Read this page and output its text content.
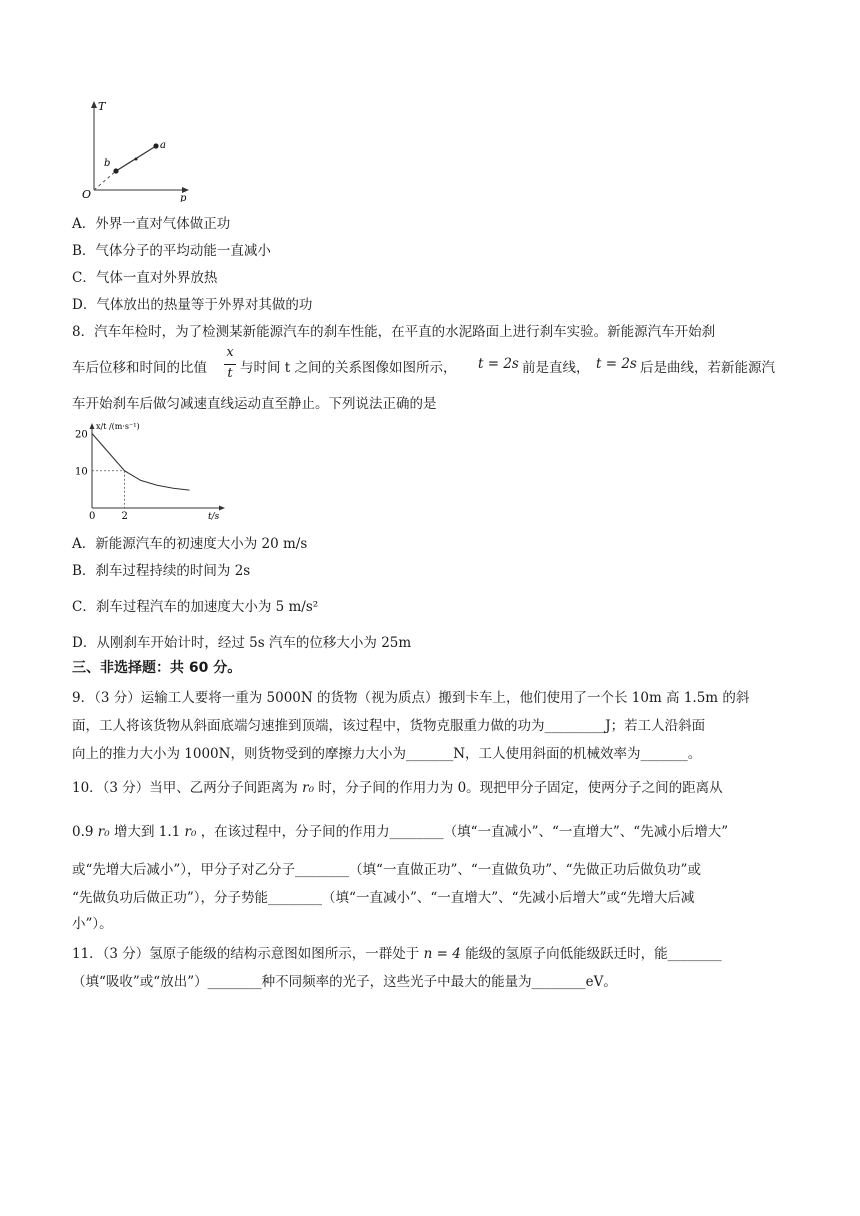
T
p
O
a
b
A．外界一直对气体做正功
B．气体分子的平均动能一直减小
C．气体一直对外界放热
D．气体放出的热量等于外界对其做的功
8．汽车年检时，为了检测某新能源汽车的刹车性能，在平直的水泥路面上进行刹车实验。新能源汽车开始刹
车后位移和时间的比值
x
t 与时间 t 之间的关系图像如图所示， t = 2s 前是直线， t = 2s 后是曲线，若新能源汽
车开始刹车后做匀减速直线运动直至静止。下列说法正确的是
x/t /(m·s⁻¹)
t/s
0	2
10
20
A．新能源汽车的初速度大小为 20 m/s
B．刹车过程持续的时间为 2s
C．刹车过程汽车的加速度大小为 5 m/s²
D．从刚刹车开始计时，经过 5s 汽车的位移大小为 25m
三、非选择题：共 60 分。
9．（3 分）运输工人要将一重为 5000N 的货物（视为质点）搬到卡车上，他们使用了一个长 10m 高 1.5m 的斜
面，工人将该货物从斜面底端匀速推到顶端，该过程中，货物克服重力做的功为_________J；若工人沿斜面
向上的推力大小为 1000N，则货物受到的摩擦力大小为_______N，工人使用斜面的机械效率为_______。
10．（3 分）当甲、乙两分子间距离为 r₀ 时，分子间的作用力为 0。现把甲分子固定，使两分子之间的距离从
0.9 r₀ 增大到 1.1 r₀ ，在该过程中，分子间的作用力________（填“一直减小”、“一直增大”、“先减小后增大”
或“先增大后减小”），甲分子对乙分子________（填“一直做正功”、“一直做负功”、“先做正功后做负功”或
“先做负功后做正功”），分子势能________（填“一直减小”、“一直增大”、“先减小后增大”或“先增大后减
小”）。
11．（3 分）氢原子能级的结构示意图如图所示，一群处于 n = 4 能级的氢原子向低能级跃迁时，能________
（填“吸收”或“放出”）________种不同频率的光子，这些光子中最大的能量为________eV。
